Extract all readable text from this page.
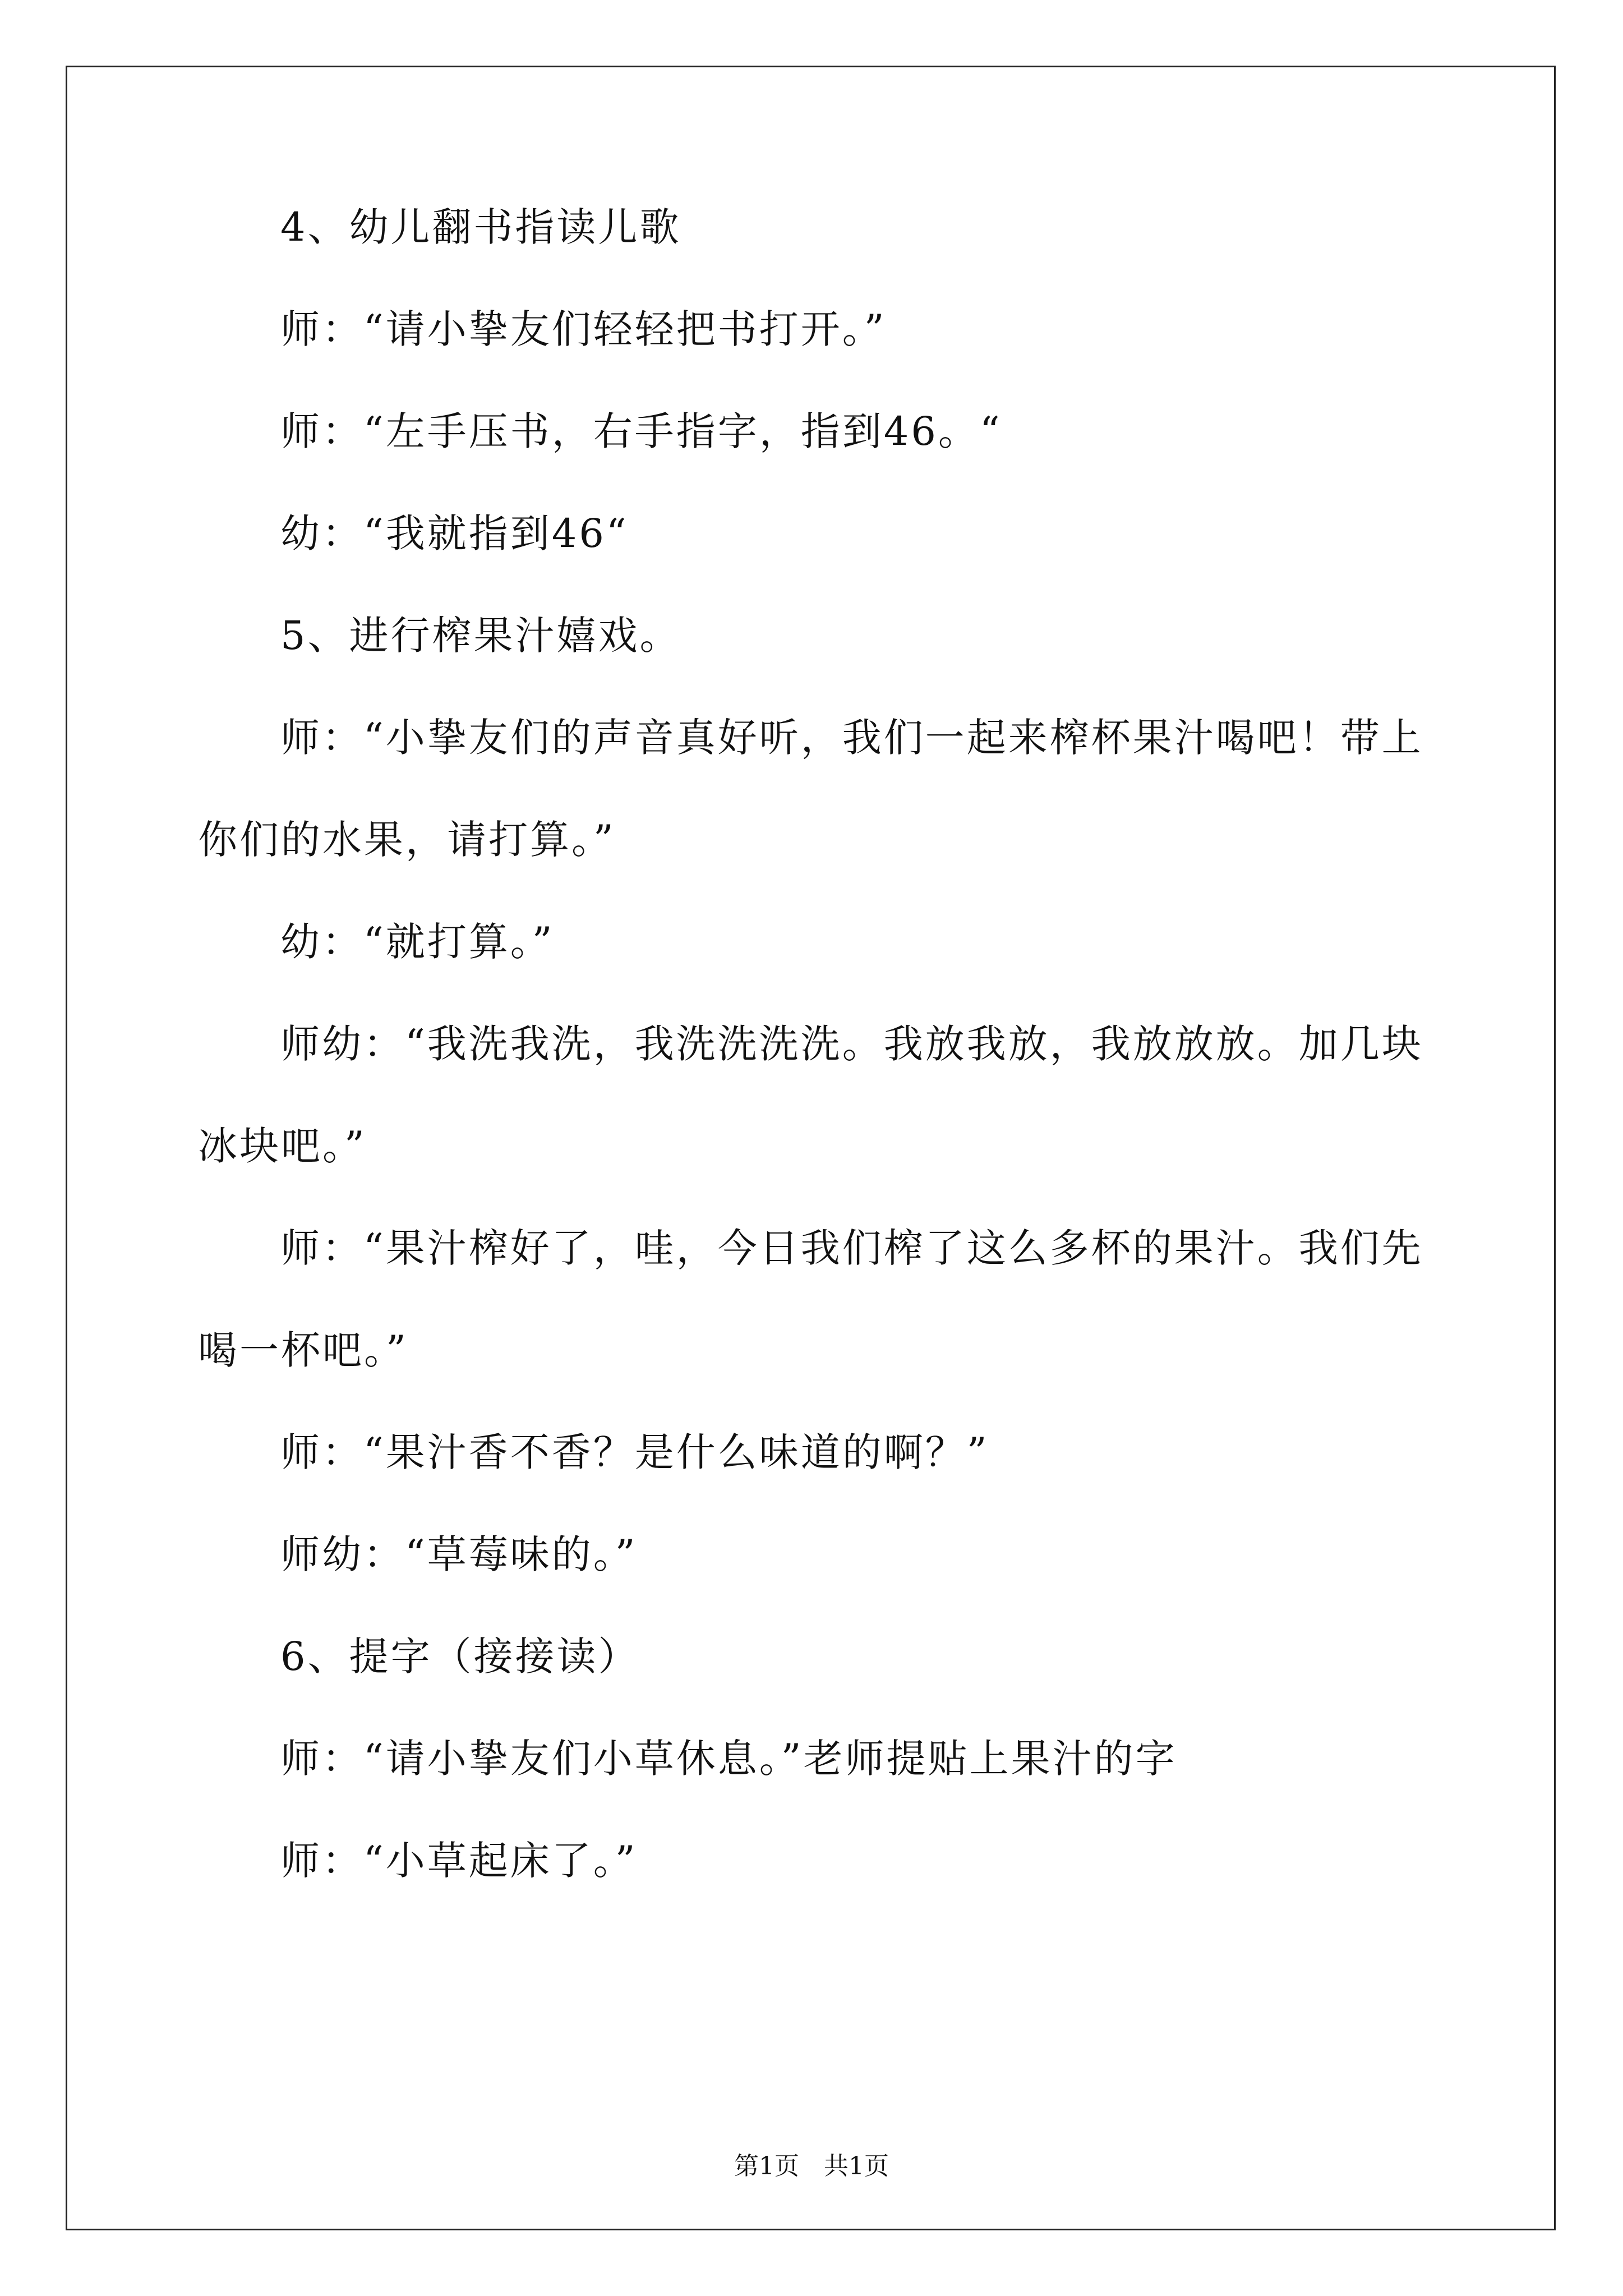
4、幼儿翻书指读儿歌
师：“请小挚友们轻轻把书打开。”
师：“左手压书，右手指字，指到46。“
幼：“我就指到46“
5、进行榨果汁嬉戏。
师：“小挚友们的声音真好听，我们一起来榨杯果汁喝吧！带上
你们的水果，请打算。”
幼：“就打算。”
师幼：“我洗我洗，我洗洗洗洗。我放我放，我放放放。加几块
冰块吧。”
师：“果汁榨好了，哇，今日我们榨了这么多杯的果汁。我们先
喝一杯吧。”
师：“果汁香不香？是什么味道的啊？”
师幼：“草莓味的。”
6、提字（接接读）
师：“请小挚友们小草休息。”老师提贴上果汁的字
师：“小草起床了。”
第1页　共1页
